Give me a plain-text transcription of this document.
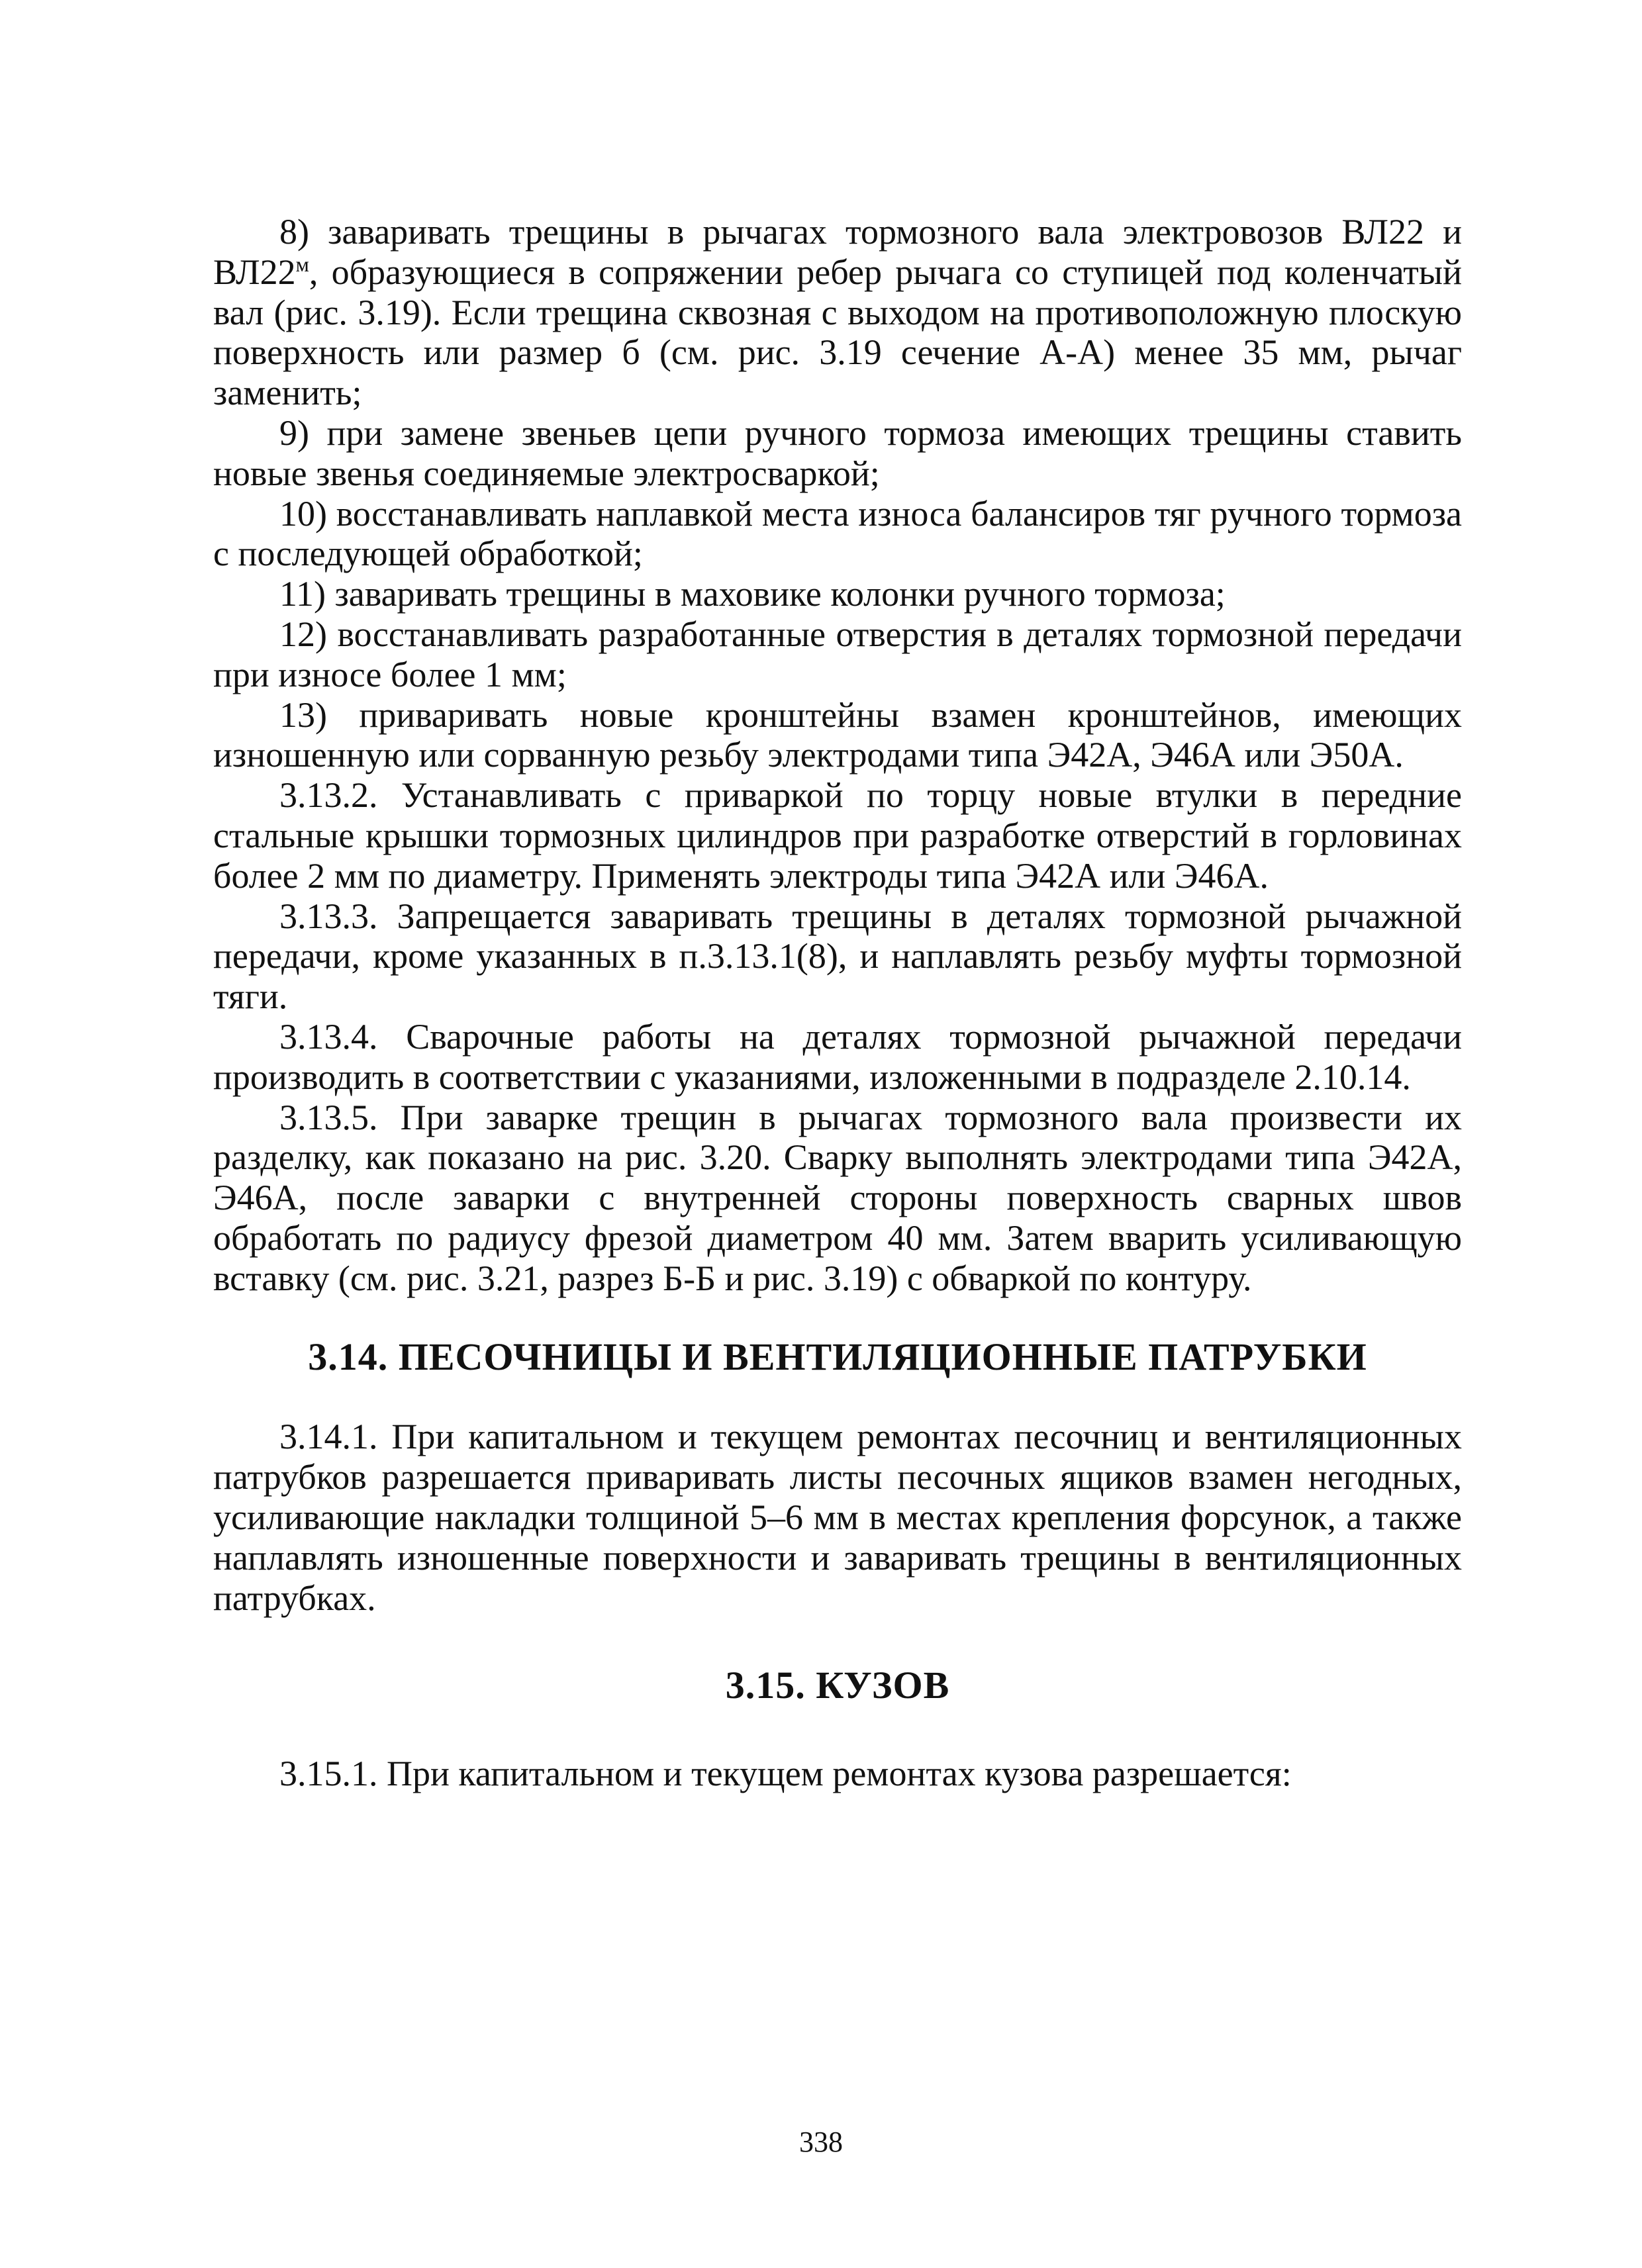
8) заваривать трещины в рычагах тормозного вала электровозов ВЛ22 и $ВЛ22^м$, образующиеся в сопряжении ребер рычага со ступицей под коленчатый вал (рис. 3.19). Если трещина сквозная с выходом на противоположную плоскую поверхность или размер б (см. рис. 3.19 сечение А-А) менее 35 мм, рычаг заменить;

9) при замене звеньев цепи ручного тормоза имеющих трещины ставить новые звенья соединяемые электросваркой;

10) восстанавливать наплавкой места износа балансиров тяг ручного тормоза с последующей обработкой;

11) заваривать трещины в маховике колонки ручного тормоза;

12) восстанавливать разработанные отверстия в деталях тормозной передачи при износе более 1 мм;

13) приваривать новые кронштейны взамен кронштейнов, имеющих изношенную или сорванную резьбу электродами типа Э42А, Э46А или Э50А.

3.13.2. Устанавливать с приваркой по торцу новые втулки в передние стальные крышки тормозных цилиндров при разработке отверстий в горловинах более 2 мм по диаметру. Применять электроды типа Э42А или Э46А.

3.13.3. Запрещается заваривать трещины в деталях тормозной рычажной передачи, кроме указанных в п.3.13.1(8), и наплавлять резьбу муфты тормозной тяги.

3.13.4. Сварочные работы на деталях тормозной рычажной передачи производить в соответствии с указаниями, изложенными в подразделе 2.10.14.

3.13.5. При заварке трещин в рычагах тормозного вала произвести их разделку, как показано на рис. 3.20. Сварку выполнять электродами типа Э42А, Э46А, после заварки с внутренней стороны поверхность сварных швов обработать по радиусу фрезой диаметром 40 мм. Затем вварить усиливающую вставку (см. рис. 3.21, разрез Б-Б и рис. 3.19) с обваркой по контуру.

3.14. ПЕСОЧНИЦЫ И ВЕНТИЛЯЦИОННЫЕ ПАТРУБКИ

3.14.1. При капитальном и текущем ремонтах песочниц и вентиляционных патрубков разрешается приваривать листы песочных ящиков взамен негодных, усиливающие накладки толщиной 5–6 мм в местах крепления форсунок, а также наплавлять изношенные поверхности и заваривать трещины в вентиляционных патрубках.

3.15. КУЗОВ

3.15.1. При капитальном и текущем ремонтах кузова разрешается:

338
